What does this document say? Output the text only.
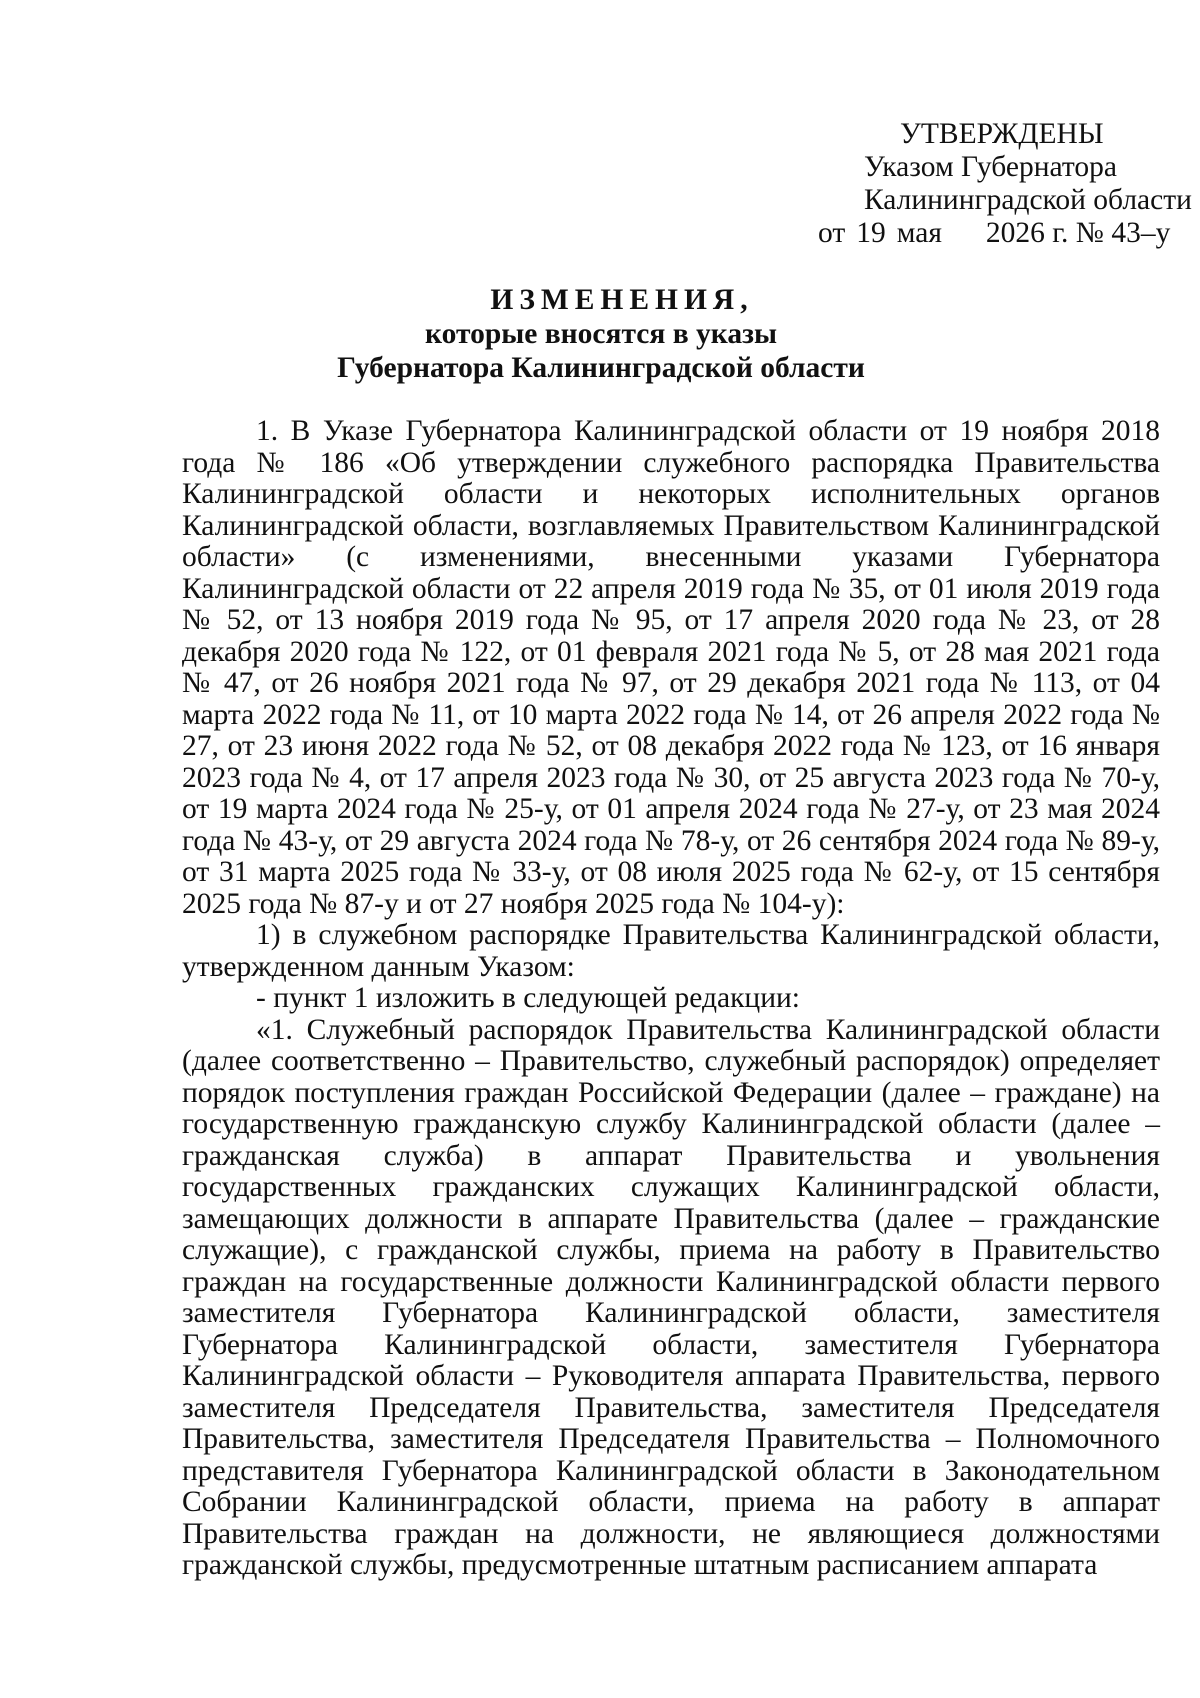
УТВЕРЖДЕНЫ
Указом Губернатора
Калининградской области
от 19 мая 2026 г. № 43–у
ИЗМЕНЕНИЯ,
которые вносятся в указы
Губернатора Калининградской области

1. В Указе Губернатора Калининградской области от 19 ноября 2018 года № 186 «Об утверждении служебного распорядка Правительства Калининградской области и некоторых исполнительных органов Калининградской области, возглавляемых Правительством Калининградской области» (с изменениями, внесенными указами Губернатора Калининградской области от 22 апреля 2019 года № 35, от 01 июля 2019 года № 52, от 13 ноября 2019 года № 95, от 17 апреля 2020 года № 23, от 28 декабря 2020 года № 122, от 01 февраля 2021 года № 5, от 28 мая 2021 года № 47, от 26 ноября 2021 года № 97, от 29 декабря 2021 года № 113, от 04 марта 2022 года № 11, от 10 марта 2022 года № 14, от 26 апреля 2022 года № 27, от 23 июня 2022 года № 52, от 08 декабря 2022 года № 123, от 16 января 2023 года № 4, от 17 апреля 2023 года № 30, от 25 августа 2023 года № 70-у, от 19 марта 2024 года № 25-у, от 01 апреля 2024 года № 27-у, от 23 мая 2024 года № 43-у, от 29 августа 2024 года № 78-у, от 26 сентября 2024 года № 89-у, от 31 марта 2025 года № 33-у, от 08 июля 2025 года № 62-у, от 15 сентября 2025 года № 87-у и от 27 ноября 2025 года № 104-у):

1) в служебном распорядке Правительства Калининградской области, утвержденном данным Указом:

- пункт 1 изложить в следующей редакции:

«1. Служебный распорядок Правительства Калининградской области (далее соответственно – Правительство, служебный распорядок) определяет порядок поступления граждан Российской Федерации (далее – граждане) на государственную гражданскую службу Калининградской области (далее – гражданская служба) в аппарат Правительства и увольнения государственных гражданских служащих Калининградской области, замещающих должности в аппарате Правительства (далее – гражданские служащие), с гражданской службы, приема на работу в Правительство граждан на государственные должности Калининградской области первого заместителя Губернатора Калининградской области, заместителя Губернатора Калининградской области, заместителя Губернатора Калининградской области – Руководителя аппарата Правительства, первого заместителя Председателя Правительства, заместителя Председателя Правительства, заместителя Председателя Правительства – Полномочного представителя Губернатора Калининградской области в Законодательном Собрании Калининградской области, приема на работу в аппарат Правительства граждан на должности, не являющиеся должностями гражданской службы, предусмотренные штатным расписанием аппарата
